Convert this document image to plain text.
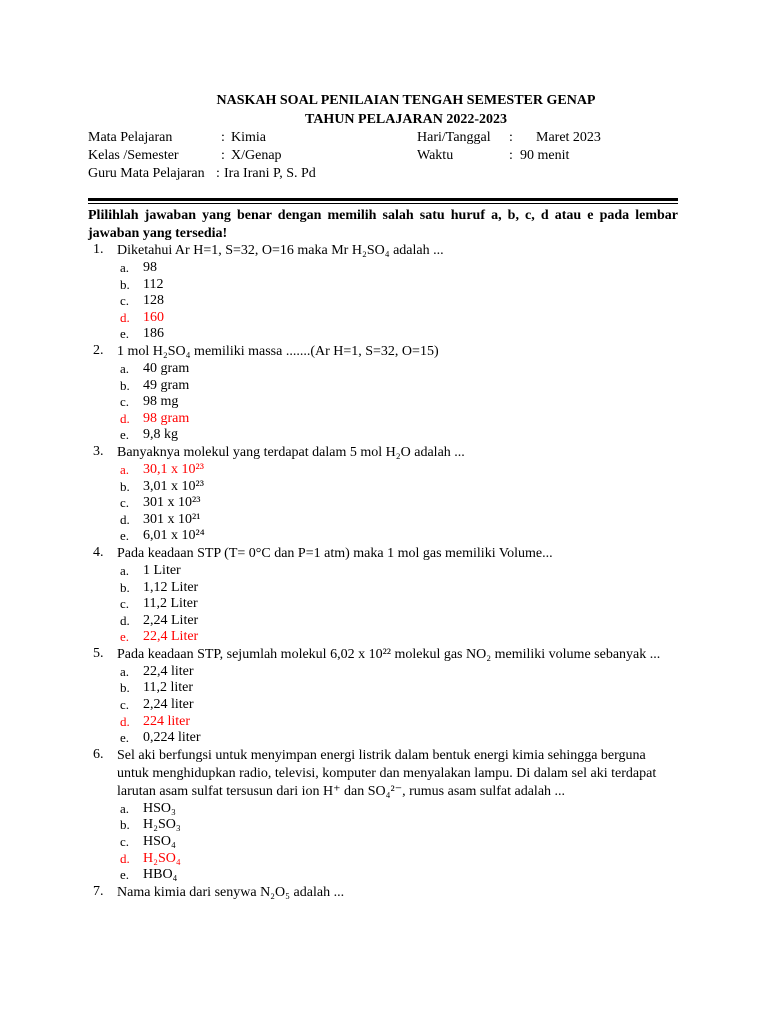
NASKAH SOAL PENILAIAN TENGAH SEMESTER GENAP
TAHUN PELAJARAN 2022-2023
Mata Pelajaran	: Kimia	Hari/Tanggal : Maret 2023
Kelas /Semester	: X/Genap	Waktu	: 90 menit
Guru Mata Pelajaran : Ira Irani P, S. Pd
Plilihlah jawaban yang benar dengan memilih salah satu huruf a, b, c, d atau e pada lembar jawaban yang tersedia!
1. Diketahui Ar H=1, S=32, O=16 maka Mr H₂SO₄ adalah ...
a. 98
b. 112
c. 128
d. 160
e. 186
2. 1 mol H₂SO₄ memiliki massa .......(Ar H=1, S=32, O=15)
a. 40 gram
b. 49 gram
c. 98 mg
d. 98 gram
e. 9,8 kg
3. Banyaknya molekul yang terdapat dalam 5 mol H₂O adalah ...
a. 30,1 x 10²³
b. 3,01 x 10²³
c. 301 x 10²³
d. 301 x 10²¹
e. 6,01 x 10²⁴
4. Pada keadaan STP (T= 0°C dan P=1 atm) maka 1 mol gas memiliki Volume...
a. 1 Liter
b. 1,12 Liter
c. 11,2 Liter
d. 2,24 Liter
e. 22,4 Liter
5. Pada keadaan STP, sejumlah molekul 6,02 x 10²² molekul gas NO₂ memiliki volume sebanyak ...
a. 22,4 liter
b. 11,2 liter
c. 2,24 liter
d. 224 liter
e. 0,224 liter
6. Sel aki berfungsi untuk menyimpan energi listrik dalam bentuk energi kimia sehingga berguna untuk menghidupkan radio, televisi, komputer dan menyalakan lampu. Di dalam sel aki terdapat larutan asam sulfat tersusun dari ion H⁺ dan SO₄²⁻, rumus asam sulfat adalah ...
a. HSO₃
b. H₂SO₃
c. HSO₄
d. H₂SO₄
e. HBO₄
7. Nama kimia dari senywa N₂O₅ adalah ...
